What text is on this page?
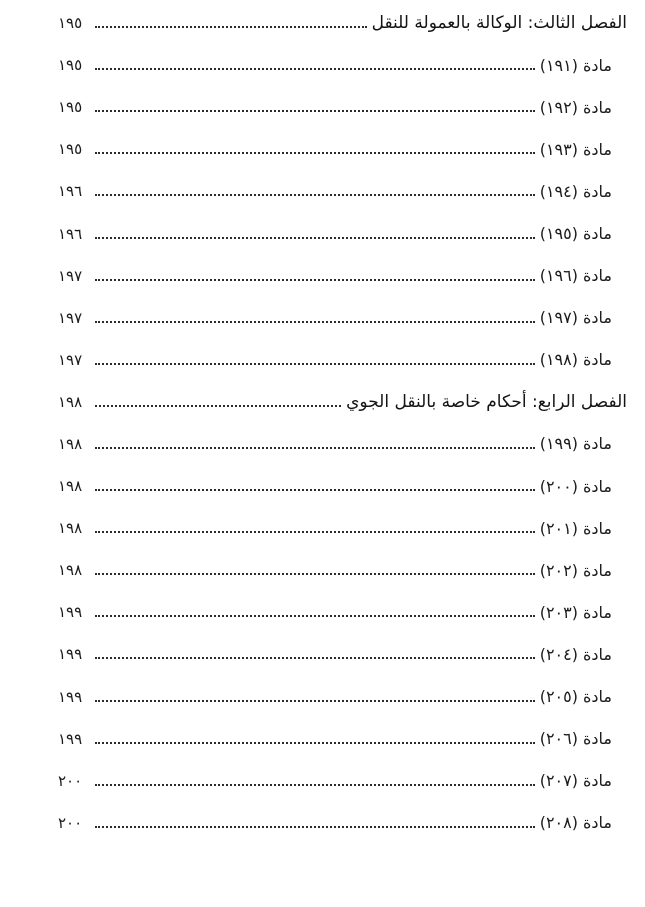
الفصل الثالث: الوكالة بالعمولة للنقل
١٩٥
مادة (١٩١)
١٩٥
مادة (١٩٢)
١٩٥
مادة (١٩٣)
١٩٥
مادة (١٩٤)
١٩٦
مادة (١٩٥)
١٩٦
مادة (١٩٦)
١٩٧
مادة (١٩٧)
١٩٧
مادة (١٩٨)
١٩٧
الفصل الرابع: أحكام خاصة بالنقل الجوي
١٩٨
مادة (١٩٩)
١٩٨
مادة (٢٠٠)
١٩٨
مادة (٢٠١)
١٩٨
مادة (٢٠٢)
١٩٨
مادة (٢٠٣)
١٩٩
مادة (٢٠٤)
١٩٩
مادة (٢٠٥)
١٩٩
مادة (٢٠٦)
١٩٩
مادة (٢٠٧)
٢٠٠
مادة (٢٠٨)
٢٠٠
